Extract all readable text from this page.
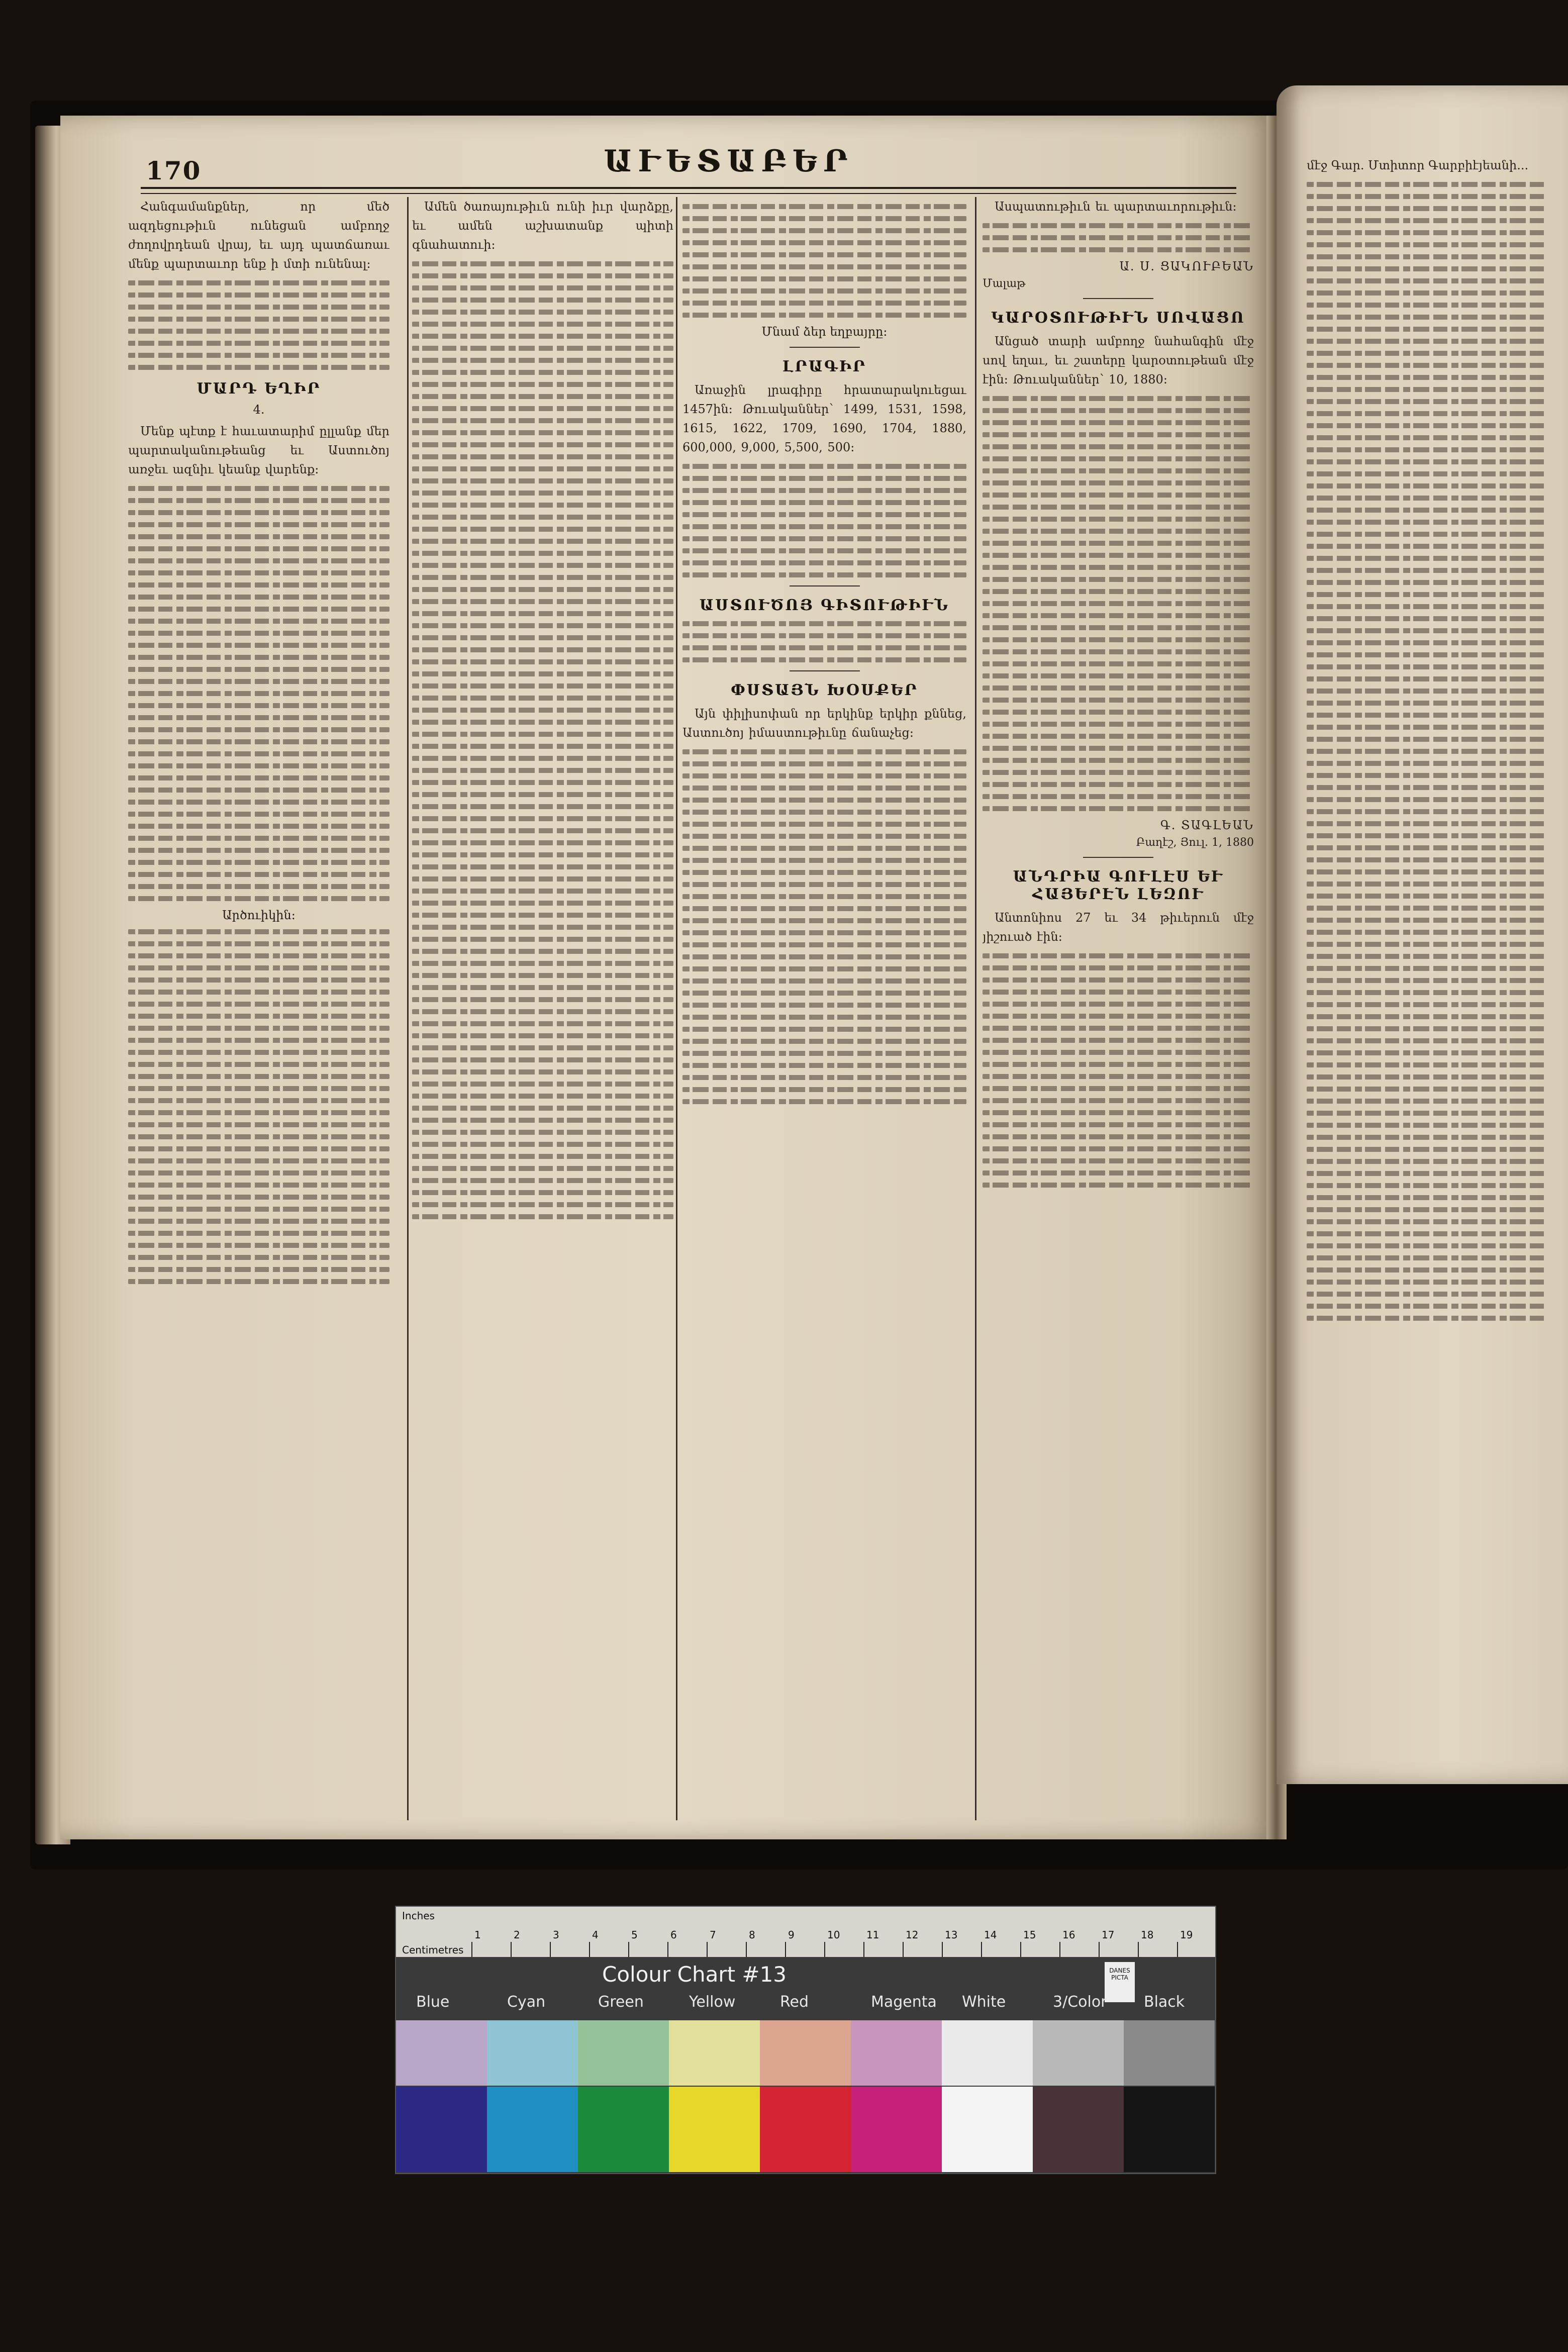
մէջ Գար. Մտիտոր Գարբիէյեանի...

170	ԱՒԵՏԱԲԵՐ

Հանգամանքներ, որ մեծ ազդեցութիւն ունեցան ամբողջ ժողովրդեան վրայ, եւ այդ պատճառաւ մենք պարտաւոր ենք ի մտի ունենալ։

ՄԱՐԴ ԵՂԻՐ
4.

Մենք պէտք է հաւատարիմ ըլլանք մեր պարտականութեանց եւ Աստուծոյ առջեւ ազնիւ կեանք վարենք։

Արծուիկին։

Ամեն ծառայութիւն ունի իւր վարձքը, եւ ամեն աշխատանք պիտի գնահատուի։

Մնամ ձեր եղբայրը։
ԼՐԱԳԻՐ

Առաջին լրագիրը հրատարակուեցաւ 1457ին։ Թուականներ՝ 1499, 1531, 1598, 1615, 1622, 1709, 1690, 1704, 1880, 600,000, 9,000, 5,500, 500։

ԱՍՏՈՒԾՈՅ ԳԻՏՈՒԹԻՒՆ
ՓՍՏԱՅՆ ԽՕՍՔԵՐ

Այն փիլիսոփան որ երկինք երկիր քննեց, Աստուծոյ իմաստութիւնը ճանաչեց։

Ասպատութիւն եւ պարտաւորութիւն։

Ա. Ս. ՑԱԿՈՒԲԵԱՆ
Մալաթ
ԿԱՐՕՏՈՒԹԻՒՆ ՍՈՎԱՑՈ

Անցած տարի ամբողջ նահանգին մէջ սով եղաւ, եւ շատերը կարօտութեան մէջ էին։ Թուականներ՝ 10, 1880։

Գ. ՏԱԳԼԵԱՆ
Բաղէշ, Յուլ. 1, 1880
ԱՆԴՐԻԱ ԳՈՒԼԷՍ ԵՒ ՀԱՅԵՐԷՆ ԼԵԶՈՒ

Անտոնիոս 27 եւ 34 թիւերուն մէջ յիշուած էին։

Inches
Centimetres
1	2	3	4	5	6	7	8	9	10	11	12	13	14	15	16	17	18	19
Colour Chart #13	DANES PICTA
Blue	Cyan	Green	Yellow	Red	Magenta White	3/Color Black
